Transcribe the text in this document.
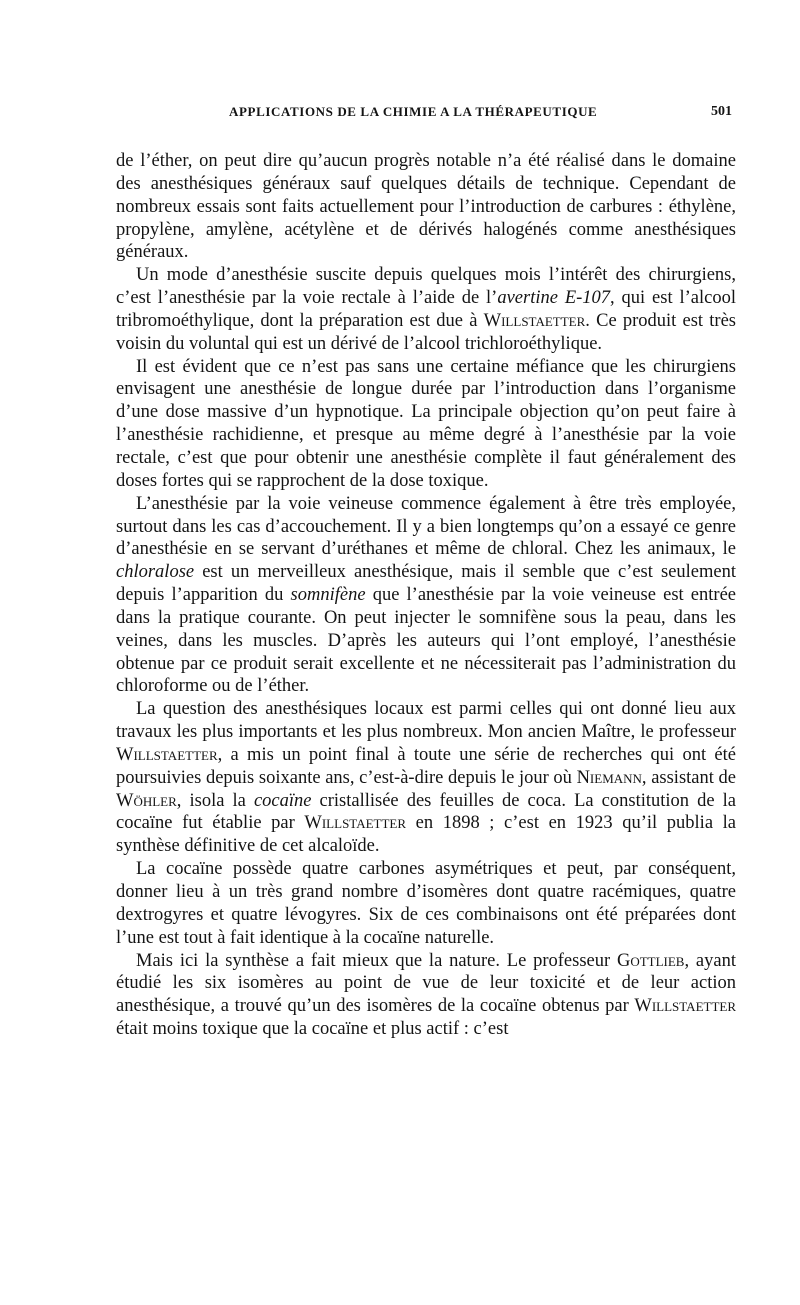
APPLICATIONS DE LA CHIMIE A LA THÉRAPEUTIQUE	501

de l’éther, on peut dire qu’aucun progrès notable n’a été réalisé dans le domaine des anesthésiques généraux sauf quelques détails de technique. Cependant de nombreux essais sont faits actuellement pour l’introduction de carbures : éthylène, propylène, amylène, acétylène et de dérivés halogénés comme anesthésiques généraux.

Un mode d’anesthésie suscite depuis quelques mois l’intérêt des chirurgiens, c’est l’anesthésie par la voie rectale à l’aide de l’avertine E-107, qui est l’alcool tribromoéthylique, dont la préparation est due à Willstaetter. Ce produit est très voisin du voluntal qui est un dérivé de l’alcool trichloroéthylique.

Il est évident que ce n’est pas sans une certaine méfiance que les chirurgiens envisagent une anesthésie de longue durée par l’introduction dans l’organisme d’une dose massive d’un hypnotique. La principale objection qu’on peut faire à l’anesthésie rachidienne, et presque au même degré à l’anesthésie par la voie rectale, c’est que pour obtenir une anesthésie complète il faut généralement des doses fortes qui se rapprochent de la dose toxique.

L’anesthésie par la voie veineuse commence également à être très employée, surtout dans les cas d’accouchement. Il y a bien longtemps qu’on a essayé ce genre d’anesthésie en se servant d’uréthanes et même de chloral. Chez les animaux, le chloralose est un merveilleux anesthésique, mais il semble que c’est seulement depuis l’apparition du somnifène que l’anesthésie par la voie veineuse est entrée dans la pratique courante. On peut injecter le somnifène sous la peau, dans les veines, dans les muscles. D’après les auteurs qui l’ont employé, l’anesthésie obtenue par ce produit serait excellente et ne nécessiterait pas l’administration du chloroforme ou de l’éther.

La question des anesthésiques locaux est parmi celles qui ont donné lieu aux travaux les plus importants et les plus nombreux. Mon ancien Maître, le professeur Willstaetter, a mis un point final à toute une série de recherches qui ont été poursuivies depuis soixante ans, c’est-à-dire depuis le jour où Niemann, assistant de Wöhler, isola la cocaïne cristallisée des feuilles de coca. La constitution de la cocaïne fut établie par Willstaetter en 1898 ; c’est en 1923 qu’il publia la synthèse définitive de cet alcaloïde.

La cocaïne possède quatre carbones asymétriques et peut, par conséquent, donner lieu à un très grand nombre d’isomères dont quatre racémiques, quatre dextrogyres et quatre lévogyres. Six de ces combinaisons ont été préparées dont l’une est tout à fait identique à la cocaïne naturelle.

Mais ici la synthèse a fait mieux que la nature. Le professeur Gottlieb, ayant étudié les six isomères au point de vue de leur toxicité et de leur action anesthésique, a trouvé qu’un des isomères de la cocaïne obtenus par Willstaetter était moins toxique que la cocaïne et plus actif : c’est
